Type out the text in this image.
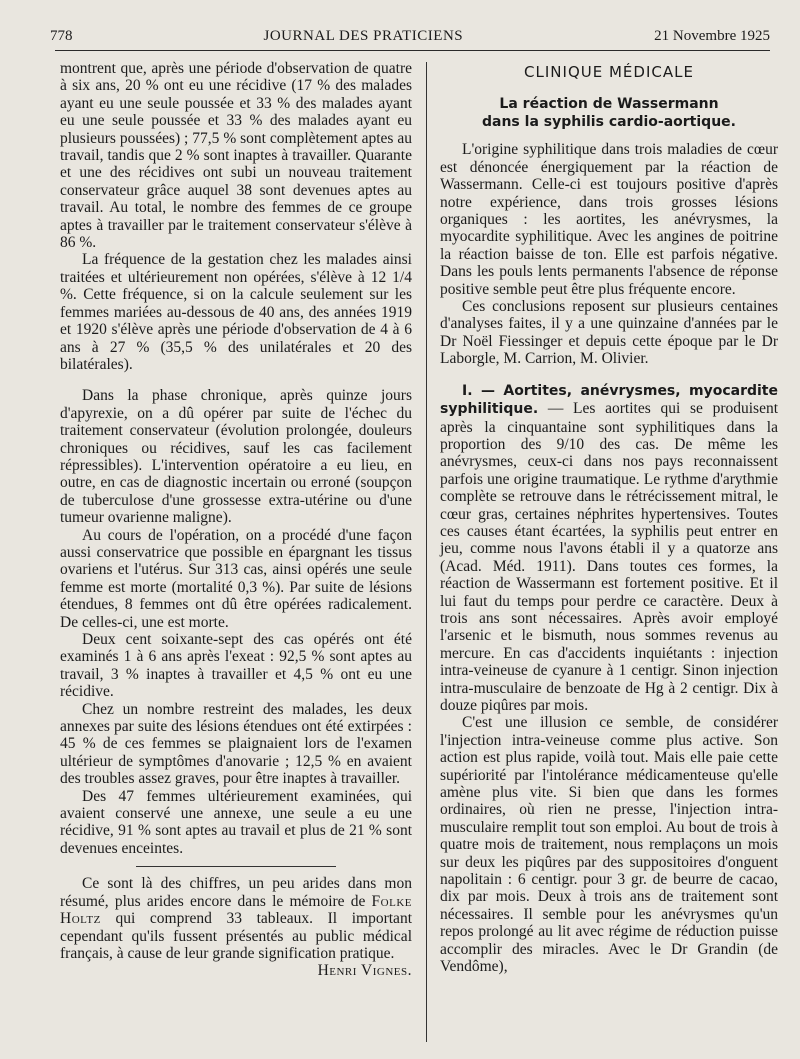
778	JOURNAL DES PRATICIENS	21 Novembre 1925

montrent que, après une période d'observation de quatre à six ans, 20 % ont eu une récidive (17 % des malades ayant eu une seule poussée et 33 % des malades ayant eu une seule poussée et 33 % des malades ayant eu plusieurs poussées) ; 77,5 % sont complètement aptes au travail, tandis que 2 % sont inaptes à travailler. Quarante et une des récidives ont subi un nouveau traitement conservateur grâce auquel 38 sont devenues aptes au travail. Au total, le nombre des femmes de ce groupe aptes à travailler par le traitement conservateur s'élève à 86 %.

La fréquence de la gestation chez les malades ainsi traitées et ultérieurement non opérées, s'élève à 12 1/4 %. Cette fréquence, si on la calcule seulement sur les femmes mariées au-dessous de 40 ans, des années 1919 et 1920 s'élève après une période d'observation de 4 à 6 ans à 27 % (35,5 % des unilatérales et 20 des bilatérales).

Dans la phase chronique, après quinze jours d'apyrexie, on a dû opérer par suite de l'échec du traitement conservateur (évolution prolongée, douleurs chroniques ou récidives, sauf les cas facilement répressibles). L'intervention opératoire a eu lieu, en outre, en cas de diagnostic incertain ou erroné (soupçon de tuberculose d'une grossesse extra-utérine ou d'une tumeur ovarienne maligne).

Au cours de l'opération, on a procédé d'une façon aussi conservatrice que possible en épargnant les tissus ovariens et l'utérus. Sur 313 cas, ainsi opérés une seule femme est morte (mortalité 0,3 %). Par suite de lésions étendues, 8 femmes ont dû être opérées radicalement. De celles-ci, une est morte.

Deux cent soixante-sept des cas opérés ont été examinés 1 à 6 ans après l'exeat : 92,5 % sont aptes au travail, 3 % inaptes à travailler et 4,5 % ont eu une récidive.

Chez un nombre restreint des malades, les deux annexes par suite des lésions étendues ont été extirpées : 45 % de ces femmes se plaignaient lors de l'examen ultérieur de symptômes d'anovarie ; 12,5 % en avaient des troubles assez graves, pour être inaptes à travailler.

Des 47 femmes ultérieurement examinées, qui avaient conservé une annexe, une seule a eu une récidive, 91 % sont aptes au travail et plus de 21 % sont devenues enceintes.

Ce sont là des chiffres, un peu arides dans mon résumé, plus arides encore dans le mémoire de Folke Holtz qui comprend 33 tableaux. Il important cependant qu'ils fussent présentés au public médical français, à cause de leur grande signification pratique.

Henri Vignes.
CLINIQUE MÉDICALE
La réaction de Wassermann
dans la syphilis cardio-aortique.

L'origine syphilitique dans trois maladies de cœur est dénoncée énergiquement par la réaction de Wassermann. Celle-ci est toujours positive d'après notre expérience, dans trois grosses lésions organiques : les aortites, les anévrysmes, la myocardite syphilitique. Avec les angines de poitrine la réaction baisse de ton. Elle est parfois négative. Dans les pouls lents permanents l'absence de réponse positive semble peut être plus fréquente encore.

Ces conclusions reposent sur plusieurs centaines d'analyses faites, il y a une quinzaine d'années par le Dr Noël Fiessinger et depuis cette époque par le Dr Laborgle, M. Carrion, M. Olivier.

I. — Aortites, anévrysmes, myocardite syphilitique. — Les aortites qui se produisent après la cinquantaine sont syphilitiques dans la proportion des 9/10 des cas. De même les anévrysmes, ceux-ci dans nos pays reconnaissent parfois une origine traumatique. Le rythme d'arythmie complète se retrouve dans le rétrécissement mitral, le cœur gras, certaines néphrites hypertensives. Toutes ces causes étant écartées, la syphilis peut entrer en jeu, comme nous l'avons établi il y a quatorze ans (Acad. Méd. 1911). Dans toutes ces formes, la réaction de Wassermann est fortement positive. Et il lui faut du temps pour perdre ce caractère. Deux à trois ans sont nécessaires. Après avoir employé l'arsenic et le bismuth, nous sommes revenus au mercure. En cas d'accidents inquiétants : injection intra-veineuse de cyanure à 1 centigr. Sinon injection intra-musculaire de benzoate de Hg à 2 centigr. Dix à douze piqûres par mois.

C'est une illusion ce semble, de considérer l'injection intra-veineuse comme plus active. Son action est plus rapide, voilà tout. Mais elle paie cette supériorité par l'intolérance médicamenteuse qu'elle amène plus vite. Si bien que dans les formes ordinaires, où rien ne presse, l'injection intra-musculaire remplit tout son emploi. Au bout de trois à quatre mois de traitement, nous remplaçons un mois sur deux les piqûres par des suppositoires d'onguent napolitain : 6 centigr. pour 3 gr. de beurre de cacao, dix par mois. Deux à trois ans de traitement sont nécessaires. Il semble pour les anévrysmes qu'un repos prolongé au lit avec régime de réduction puisse accomplir des miracles. Avec le Dr Grandin (de Vendôme),
